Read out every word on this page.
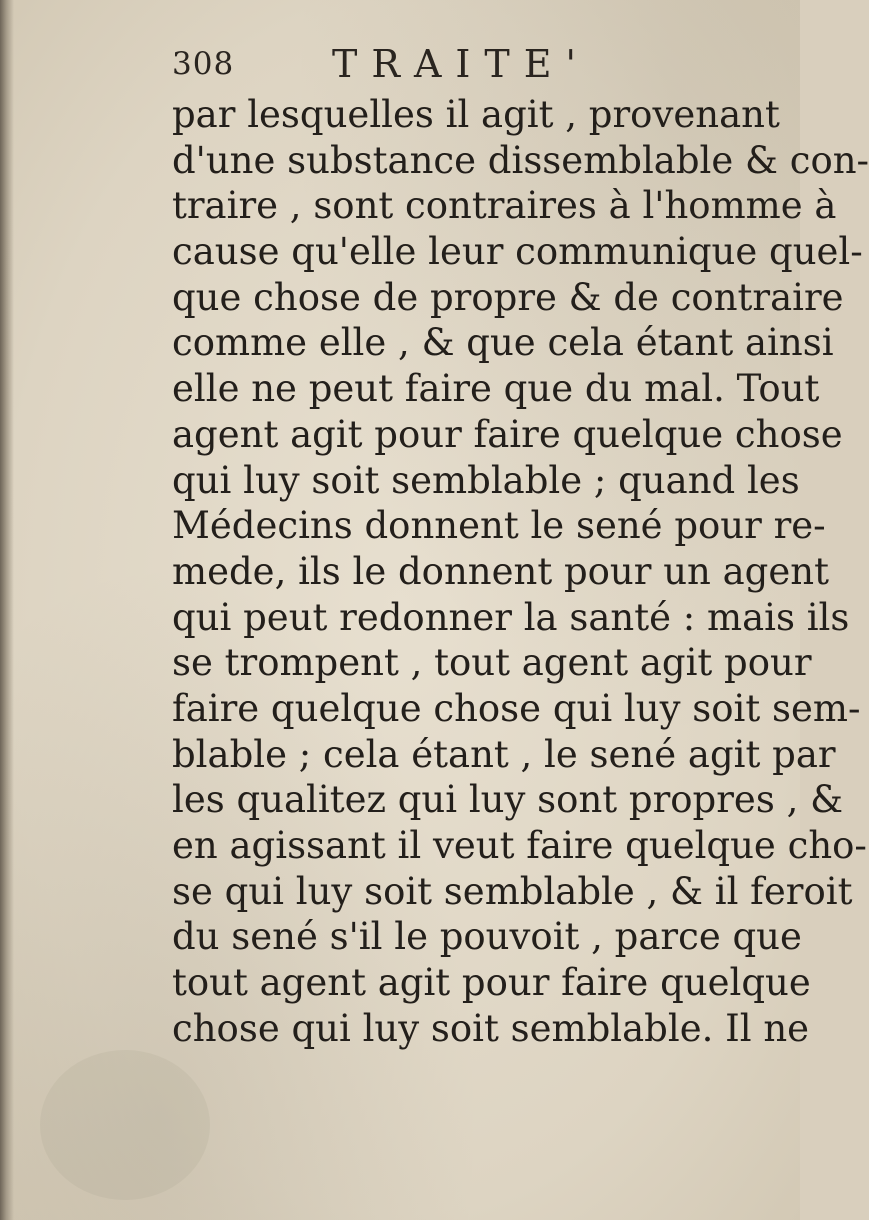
308	TRAITE'
par lesquelles il agit , provenant
d'une substance dissemblable & con-
traire , sont contraires à l'homme à
cause qu'elle leur communique quel-
que chose de propre & de contraire
comme elle , & que cela étant ainsi
elle ne peut faire que du mal. Tout
agent agit pour faire quelque chose
qui luy soit semblable ; quand les
Médecins donnent le sené pour re-
mede, ils le donnent pour un agent
qui peut redonner la santé : mais ils
se trompent , tout agent agit pour
faire quelque chose qui luy soit sem-
blable ; cela étant , le sené agit par
les qualitez qui luy sont propres , &
en agissant il veut faire quelque cho-
se qui luy soit semblable , & il feroit
du sené s'il le pouvoit , parce que
tout agent agit pour faire quelque
chose qui luy soit semblable. Il ne
